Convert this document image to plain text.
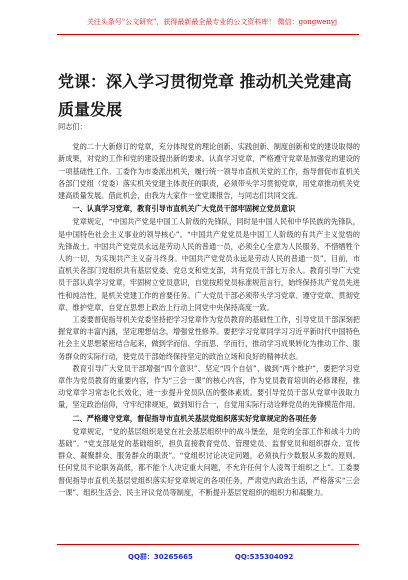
关注头条号"公文研究"，获得最新最全最专业的公文资料库！ 微信：gongwenyj
党课：深入学习贯彻党章 推动机关党建高质量发展

同志们：

党的二十大新修订的党章，充分体现党的理论创新、实践创新、制度创新和党的建设取得的新成果，对党的工作和党的建设提出新的要求。认真学习党章，严格遵守党章是加强党的建设的一项基础性工作。工委作为市委派出机关，履行统一领导市直机关党的工作，指导督促市直机关各部门党组（党委）落实机关党建主体责任的职责，必须带头学习贯彻党章，用党章推动机关党建高质量发展。借此机会，由我为大家作一堂党课报告，与同志们共同交流。

一、认真学习党章，教育引导市直机关广大党员干部牢固树立党员意识

党章规定，“中国共产党是中国工人阶级的先锋队，同时是中国人民和中华民族的先锋队，是中国特色社会主义事业的领导核心”。“中国共产党党员是中国工人阶级的有共产主义觉悟的先锋战士。中国共产党党员永远是劳动人民的普通一员，必须全心全意为人民服务，不惜牺牲个人的一切，为实现共产主义奋斗终身。中国共产党党员永远是劳动人民的普通一员”。目前，市直机关各部门党组织共有基层党委、党总支和党支部，共有党员干部七万余人。教育引导广大党员干部认真学习党章，牢固树立党员意识，自觉按照党员标准规范言行，始终保持共产党员先进性和纯洁性，是机关党建工作的首要任务。广大党员干部必须带头学习党章、遵守党章、贯彻党章、维护党章，自觉在思想上政治上行动上同党中央保持高度一致。

工委要督促指导机关党委坚持把学习党章作为党员教育的基础性工作，引导党员干部深刻把握党章的丰富内涵，坚定理想信念，增强党性修养。要把学习党章同学习习近平新时代中国特色社会主义思想紧密结合起来，做到学而信、学而思、学而行，推动学习成果转化为推动工作、服务群众的实际行动，使党员干部始终保持坚定的政治立场和良好的精神状态。

教育引导广大党员干部增强“四个意识”、坚定“四个自信”、做到“两个维护”，要把学习党章作为党员教育的重要内容，作为“三会一课”的核心内容，作为党员教育培训的必修课程，推动党章学习常态化长效化，进一步提升党员队伍的整体素质。要引导党员干部从党章中汲取力量，坚定政治信仰，守牢纪律规矩，做到知行合一，自觉用实际行动诠释党员的先锋模范作用。

二、严格遵守党章，督促指导市直机关基层党组织落实好党章规定的各项任务

党章规定，“党的基层组织是党在社会基层组织中的战斗堡垒，是党的全部工作和战斗力的基础”。“党支部是党的基础组织，担负直接教育党员、管理党员、监督党员和组织群众、宣传群众、凝聚群众、服务群众的职责”。“党组织讨论决定问题，必须执行少数服从多数的原则。任何党员不论职务高低，都不能个人决定重大问题，不允许任何个人凌驾于组织之上”。工委要督促指导市直机关基层党组织落实好党章规定的各项任务，严肃党内政治生活，严格落实“三会一课”、组织生活会、民主评议党员等制度，不断提升基层党组织的组织力和凝聚力。

QQ群：30265665	QQ:535304092
